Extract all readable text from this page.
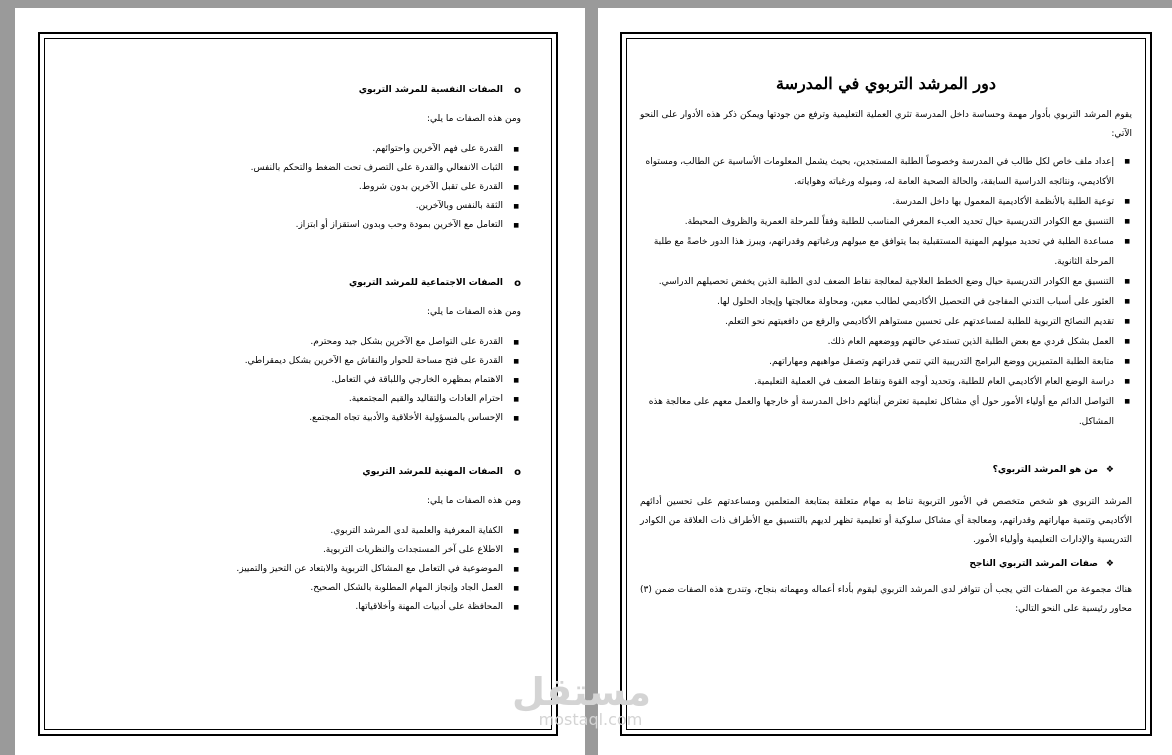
o
الصفات النفسية للمرشد التربوي
ومن هذه الصفات ما يلي:
■ القدرة على فهم الآخرين واحتوائهم.
■ الثبات الانفعالي والقدرة على التصرف تحت الضغط والتحكم بالنفس.
■ القدرة على تقبل الآخرين بدون شروط.
■ الثقة بالنفس وبالآخرين.
■ التعامل مع الآخرين بمودة وحب وبدون استقزاز أو ابتزاز.
o
الصفات الاجتماعية للمرشد التربوي
ومن هذه الصفات ما يلي:
■ القدرة على التواصل مع الآخرين بشكل جيد ومحترم.
■ القدرة على فتح مساحة للحوار والنقاش مع الآخرين بشكل ديمقراطي.
■ الاهتمام بمظهره الخارجي واللباقة في التعامل.
■ احترام العادات والتقاليد والقيم المجتمعية.
■ الإحساس بالمسؤولية الأخلاقية والأدبية تجاه المجتمع.
o
الصفات المهنية للمرشد التربوي
ومن هذه الصفات ما يلي:
■ الكفاية المعرفية والعلمية لدى المرشد التربوي.
■ الاطلاع على آخر المستجدات والنظريات التربوية.
■ الموضوعية في التعامل مع المشاكل التربوية والابتعاد عن التحيز والتمييز.
■ العمل الجاد وإنجاز المهام المطلوبة بالشكل الصحيح.
■ المحافظة على أدبيات المهنة وأخلاقياتها.
دور المرشد التربوي في المدرسة

يقوم المرشد التربوي بأدوار مهمة وحساسة داخل المدرسة تثري العملية التعليمية وترفع من جودتها ويمكن ذكر هذه الأدوار على النحو الآتي:

■ إعداد ملف خاص لكل طالب في المدرسة وخصوصاً الطلبة المستجدين، بحيث يشمل المعلومات الأساسية عن الطالب، ومستواه الأكاديمي، ونتائجه الدراسية السابقة، والحالة الصحية العامة له، وميوله ورغباته وهواياته.
■ توعية الطلبة بالأنظمة الأكاديمية المعمول بها داخل المدرسة.
■ التنسيق مع الكوادر التدريسية حيال تحديد العبء المعرفي المناسب للطلبة وفقاً للمرحلة العمرية والظروف المحيطة.
■ مساعدة الطلبة في تحديد ميولهم المهنية المستقبلية بما يتوافق مع ميولهم ورغباتهم وقدراتهم، ويبرز هذا الدور خاصةً مع طلبة المرحلة الثانوية.
■ التنسيق مع الكوادر التدريسية حيال وضع الخطط العلاجية لمعالجة نقاط الضعف لدى الطلبة الذين يخفض تحصيلهم الدراسي.
■ العثور على أسباب التدني المفاجئ في التحصيل الأكاديمي لطالب معين، ومحاولة معالجتها وإيجاد الحلول لها.
■ تقديم النصائح التربوية للطلبة لمساعدتهم على تحسين مستواهم الأكاديمي والرفع من دافعيتهم نحو التعلم.
■ العمل بشكل فردي مع بعض الطلبة الذين تستدعي حالتهم ووضعهم العام ذلك.
■ متابعة الطلبة المتميزين ووضع البرامج التدريبية التي تنمي قدراتهم وتصقل مواهبهم ومهاراتهم.
■ دراسة الوضع العام الأكاديمي العام للطلبة، وتحديد أوجه القوة ونقاط الضعف في العملية التعليمية.
■ التواصل الدائم مع أولياء الأمور حول أي مشاكل تعليمية تعترض أبنائهم داخل المدرسة أو خارجها والعمل معهم على معالجة هذه المشاكل.
❖
من هو المرشد التربوي؟

المرشد التربوي هو شخص متخصص في الأمور التربوية تناط به مهام متعلقة بمتابعة المتعلمين ومساعدتهم على تحسين أدائهم الأكاديمي وتنمية مهاراتهم وقدراتهم، ومعالجة أي مشاكل سلوكية أو تعليمية تظهر لديهم بالتنسيق مع الأطراف ذات العلاقة من الكوادر التدريسية والإدارات التعليمية وأولياء الأمور.

❖
صفات المرشد التربوي الناجح

هناك مجموعة من الصفات التي يجب أن تتوافر لدى المرشد التربوي ليقوم بأداء أعماله ومهماته بنجاح، وتندرج هذه الصفات ضمن (٣) محاور رئيسية على النحو التالي:

مستقل
mostaql.com
